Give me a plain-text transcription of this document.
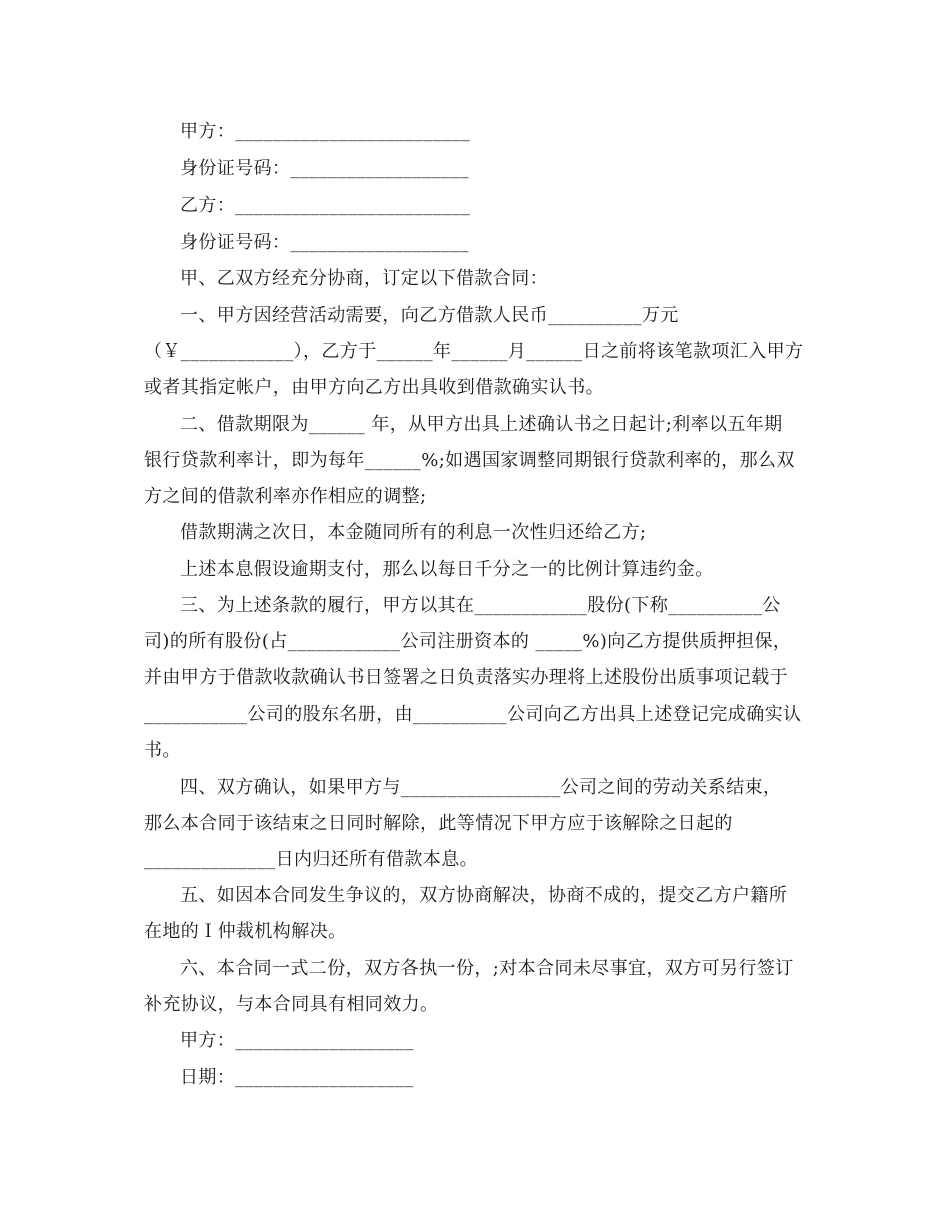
甲方：_________________________
身份证号码：___________________
乙方：_________________________
身份证号码：___________________
甲、乙双方经充分协商，订定以下借款合同：
一、甲方因经营活动需要，向乙方借款人民币__________万元
（￥____________），乙方于______年______月______日之前将该笔款项汇入甲方
或者其指定帐户，由甲方向乙方出具收到借款确实认书。
二、借款期限为______ 年，从甲方出具上述确认书之日起计;利率以五年期
银行贷款利率计，即为每年______%;如遇国家调整同期银行贷款利率的，那么双
方之间的借款利率亦作相应的调整;
借款期满之次日，本金随同所有的利息一次性归还给乙方;
上述本息假设逾期支付，那么以每日千分之一的比例计算违约金。
三、为上述条款的履行，甲方以其在____________股份(下称__________公
司)的所有股份(占____________公司注册资本的 _____%)向乙方提供质押担保，
并由甲方于借款收款确认书日签署之日负责落实办理将上述股份出质事项记载于
___________公司的股东名册，由__________公司向乙方出具上述登记完成确实认
书。
四、双方确认，如果甲方与_________________公司之间的劳动关系结束，
那么本合同于该结束之日同时解除，此等情况下甲方应于该解除之日起的
______________日内归还所有借款本息。
五、如因本合同发生争议的，双方协商解决，协商不成的，提交乙方户籍所
在地的Ｉ仲裁机构解决。
六、本合同一式二份，双方各执一份，;对本合同未尽事宜，双方可另行签订
补充协议，与本合同具有相同效力。
甲方：___________________
日期：___________________
